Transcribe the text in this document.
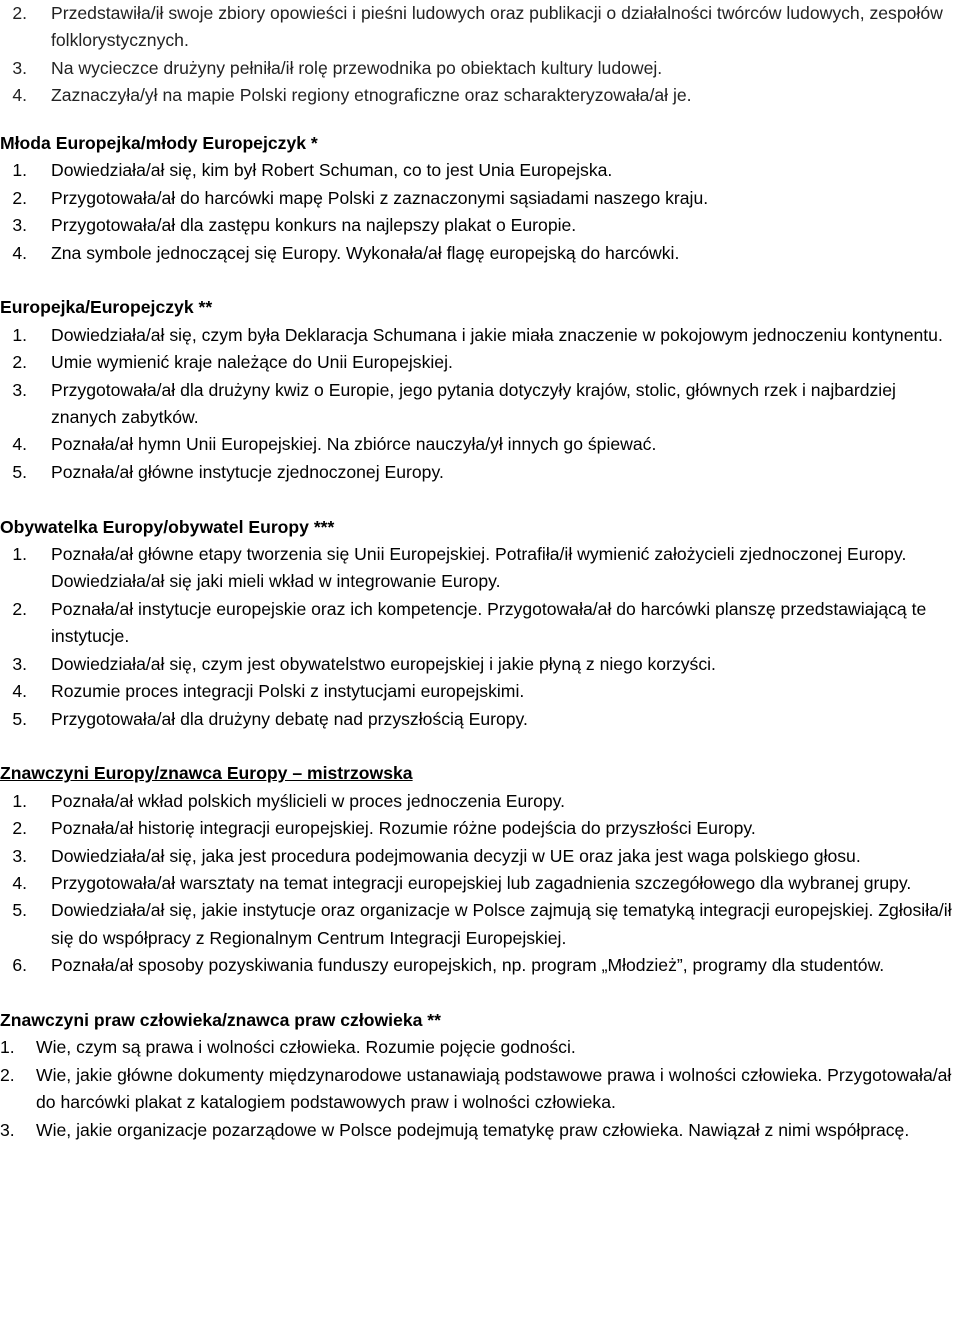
2.	Przedstawiła/ił swoje zbiory opowieści i pieśni ludowych oraz publikacji o działalności twórców ludowych, zespołów folklorystycznych.
3.	Na wycieczce drużyny pełniła/ił rolę przewodnika po obiektach kultury ludowej.
4.	Zaznaczyła/ył na mapie Polski regiony etnograficzne oraz scharakteryzowała/ał je.
Młoda Europejka/młody Europejczyk *
1.	Dowiedziała/ał się, kim był Robert Schuman, co to jest Unia Europejska.
2.	Przygotowała/ał do harcówki mapę Polski z zaznaczonymi sąsiadami naszego kraju.
3.	Przygotowała/ał dla zastępu konkurs na najlepszy plakat o Europie.
4.	Zna symbole jednoczącej się Europy. Wykonała/ał flagę europejską do harcówki.
Europejka/Europejczyk **
1.	Dowiedziała/ał się, czym była Deklaracja Schumana i jakie miała znaczenie w pokojowym jednoczeniu kontynentu.
2.	Umie wymienić kraje należące do Unii Europejskiej.
3.	Przygotowała/ał dla drużyny kwiz o Europie, jego pytania dotyczyły krajów, stolic, głównych rzek i najbardziej znanych zabytków.
4.	Poznała/ał hymn Unii Europejskiej. Na zbiórce nauczyła/ył innych go śpiewać.
5.	Poznała/ał główne instytucje zjednoczonej Europy.
Obywatelka Europy/obywatel Europy ***
1.	Poznała/ał główne etapy tworzenia się Unii Europejskiej. Potrafiła/ił wymienić założycieli zjednoczonej Europy. Dowiedziała/ał się jaki mieli wkład w integrowanie Europy.
2.	Poznała/ał instytucje europejskie oraz ich kompetencje. Przygotowała/ał do harcówki planszę przedstawiającą te instytucje.
3.	Dowiedziała/ał się, czym jest obywatelstwo europejskiej i jakie płyną z niego korzyści.
4.	Rozumie proces integracji Polski z instytucjami europejskimi.
5.	Przygotowała/ał dla drużyny debatę nad przyszłością Europy.
Znawczyni Europy/znawca Europy – mistrzowska
1.	Poznała/ał wkład polskich myślicieli w proces jednoczenia Europy.
2.	Poznała/ał historię integracji europejskiej. Rozumie różne podejścia do przyszłości Europy.
3.	Dowiedziała/ał się, jaka jest procedura podejmowania decyzji w UE oraz jaka jest waga polskiego głosu.
4.	Przygotowała/ał warsztaty na temat integracji europejskiej lub zagadnienia szczegółowego dla wybranej grupy.
5.	Dowiedziała/ał się, jakie instytucje oraz organizacje w Polsce zajmują się tematyką integracji europejskiej. Zgłosiła/ił się do współpracy z Regionalnym Centrum Integracji Europejskiej.
6.	Poznała/ał sposoby pozyskiwania funduszy europejskich, np. program „Młodzież”, programy dla studentów.
Znawczyni praw człowieka/znawca praw człowieka **
1.	Wie, czym są prawa i wolności człowieka. Rozumie pojęcie godności.
2.	Wie, jakie główne dokumenty międzynarodowe ustanawiają podstawowe prawa i wolności człowieka. Przygotowała/ał do harcówki plakat z katalogiem podstawowych praw i wolności człowieka.
3.	Wie, jakie organizacje pozarządowe w Polsce podejmują tematykę praw człowieka. Nawiązał z nimi współpracę.
